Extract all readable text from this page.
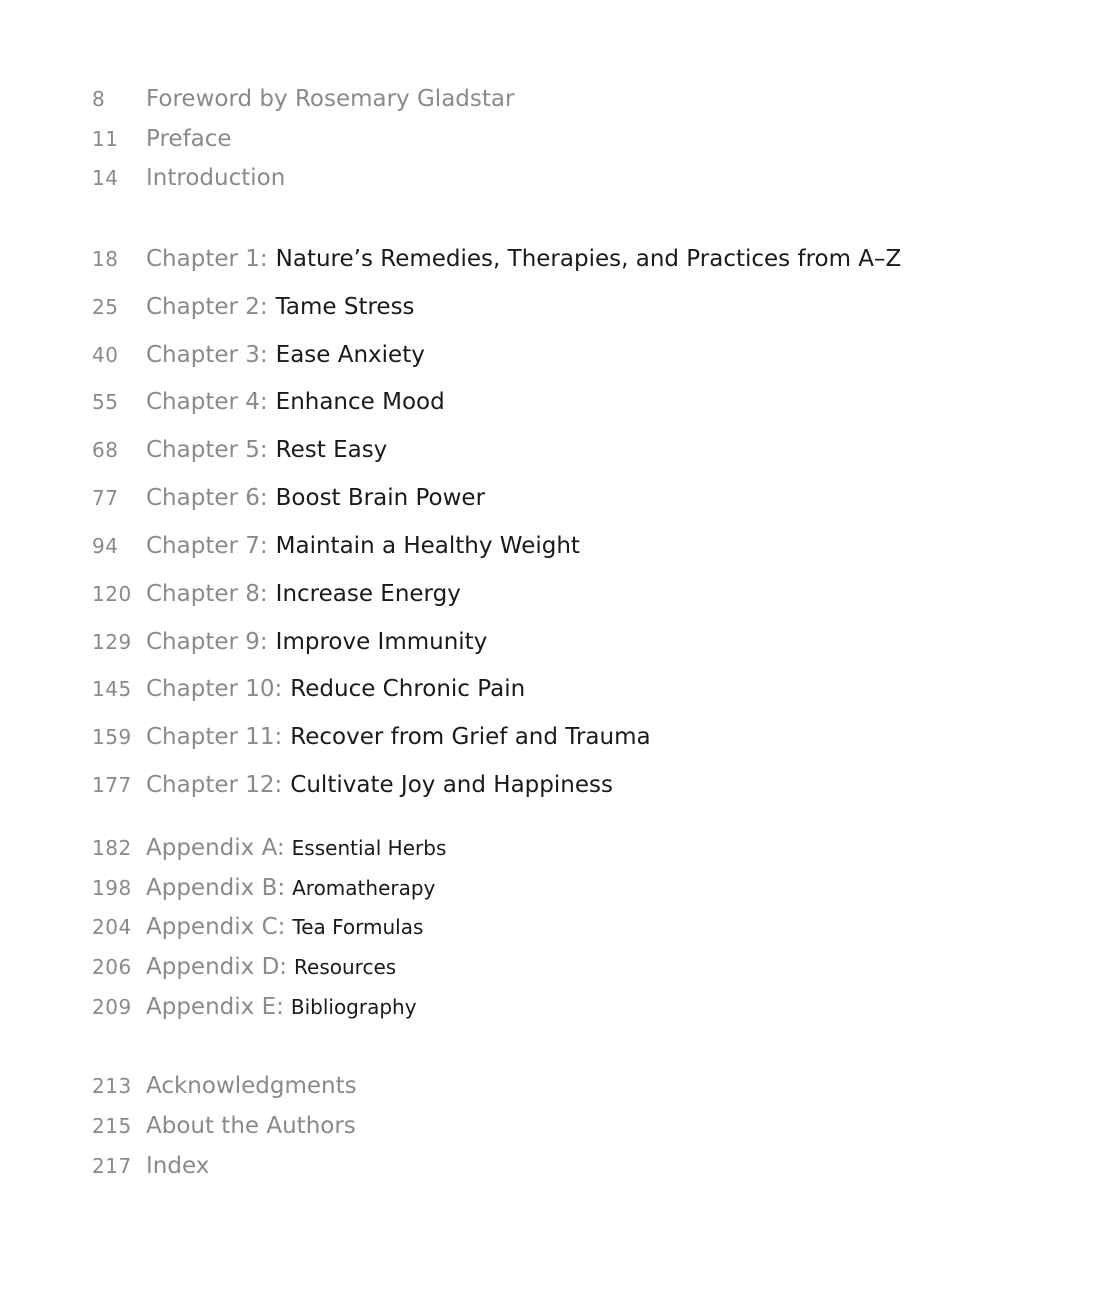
8	Foreword by Rosemary Gladstar
11	Preface
14	Introduction
18	Chapter 1: Nature’s Remedies, Therapies, and Practices from A–Z
25	Chapter 2: Tame Stress
40	Chapter 3: Ease Anxiety
55	Chapter 4: Enhance Mood
68	Chapter 5: Rest Easy
77	Chapter 6: Boost Brain Power
94	Chapter 7: Maintain a Healthy Weight
120 Chapter 8: Increase Energy
129 Chapter 9: Improve Immunity
145 Chapter 10: Reduce Chronic Pain
159 Chapter 11: Recover from Grief and Trauma
177 Chapter 12: Cultivate Joy and Happiness
182 Appendix A: Essential Herbs
198 Appendix B: Aromatherapy
204 Appendix C: Tea Formulas
206 Appendix D: Resources
209 Appendix E: Bibliography
213 Acknowledgments
215 About the Authors
217 Index
